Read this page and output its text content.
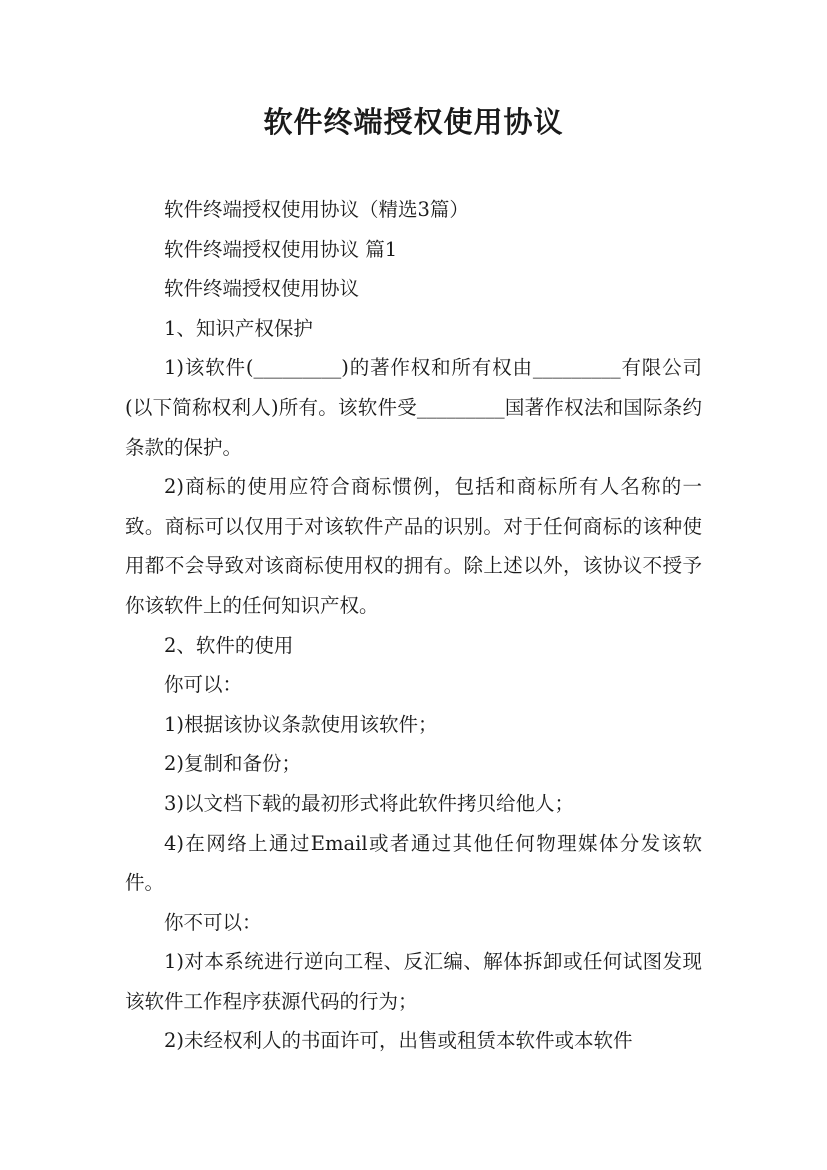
软件终端授权使用协议

软件终端授权使用协议（精选3篇）

软件终端授权使用协议 篇1

软件终端授权使用协议

1、知识产权保护

1)该软件(_________)的著作权和所有权由_________有限公司(以下简称权利人)所有。该软件受_________国著作权法和国际条约条款的保护。

2)商标的使用应符合商标惯例，包括和商标所有人名称的一致。商标可以仅用于对该软件产品的识别。对于任何商标的该种使用都不会导致对该商标使用权的拥有。除上述以外，该协议不授予你该软件上的任何知识产权。

2、软件的使用

你可以：

1)根据该协议条款使用该软件；

2)复制和备份；

3)以文档下载的最初形式将此软件拷贝给他人；

4)在网络上通过Email或者通过其他任何物理媒体分发该软件。

你不可以：

1)对本系统进行逆向工程、反汇编、解体拆卸或任何试图发现该软件工作程序获源代码的行为；

2)未经权利人的书面许可，出售或租赁本软件或本软件
